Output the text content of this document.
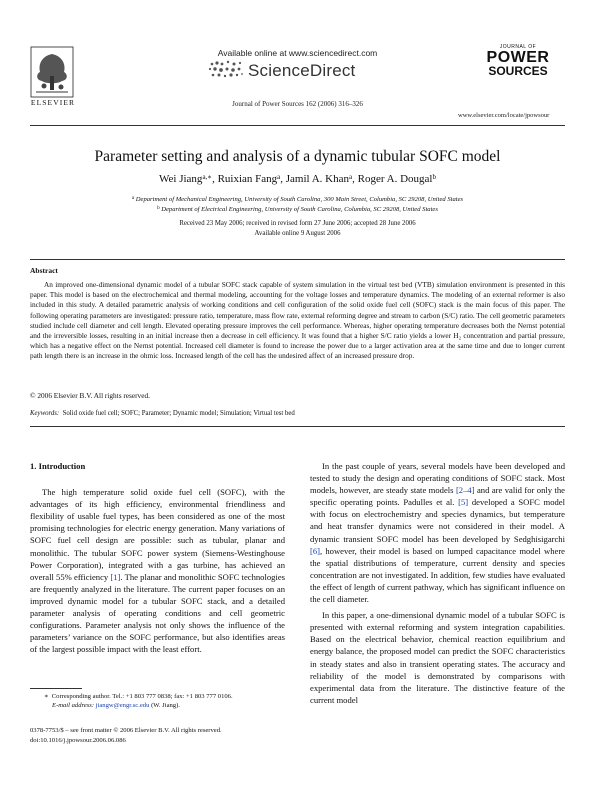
ELSEVIER
Available online at www.sciencedirect.com
ScienceDirect
Journal of Power Sources 162 (2006) 316–326
JOURNAL OF
POWER
SOURCES
www.elsevier.com/locate/jpowsour
Parameter setting and analysis of a dynamic tubular SOFC model
Wei Jiang$^{a,∗}$, Ruixian Fang$^a$, Jamil A. Khan$^a$, Roger A. Dougal$^b$
$^a$ Department of Mechanical Engineering, University of South Carolina, 300 Main Street, Columbia, SC 29208, United States
$^b$ Department of Electrical Engineering, University of South Carolina, Columbia, SC 29208, United States
Received 23 May 2006; received in revised form 27 June 2006; accepted 28 June 2006
Available online 9 August 2006
Abstract
An improved one-dimensional dynamic model of a tubular SOFC stack capable of system simulation in the virtual test bed (VTB) simulation environment is presented in this paper. This model is based on the electrochemical and thermal modeling, accounting for the voltage losses and temperature dynamics. The modeling of an external reformer is also included in this study. A detailed parametric analysis of working conditions and cell configuration of the solid oxide fuel cell (SOFC) stack is the main focus of this paper. The following operating parameters are investigated: pressure ratio, temperature, mass flow rate, external reforming degree and stream to carbon (S/C) ratio. The cell geometric parameters studied include cell diameter and cell length. Elevated operating pressure improves the cell performance. Whereas, higher operating temperature decreases both the Nernst potential and the irreversible losses, resulting in an initial increase then a decrease in cell efficiency. It was found that a higher S/C ratio yields a lower H₂ concentration and partial pressure, which has a negative effect on the Nernst potential. Increased cell diameter is found to increase the power due to a larger activation area at the same time and due to longer current path length there is an increase in the ohmic loss. Increased length of the cell has the undesired affect of an increased pressure drop.
© 2006 Elsevier B.V. All rights reserved.
Keywords: Solid oxide fuel cell; SOFC; Parameter; Dynamic model; Simulation; Virtual test bed
1. Introduction
The high temperature solid oxide fuel cell (SOFC), with the advantages of its high efficiency, environmental friendliness and flexibility of usable fuel types, has been considered as one of the most promising technologies for electric energy generation. Many variations of SOFC fuel cell design are possible: such as tubular, planar and monolithic. The tubular SOFC power system (Siemens-Westinghouse Power Corporation), integrated with a gas turbine, has achieved an overall 55% efficiency [1]. The planar and monolithic SOFC technologies are frequently analyzed in the literature. The current paper focuses on an improved dynamic model for a tubular SOFC stack, and a detailed parameter analysis of operating conditions and cell geometric configurations. Parameter analysis not only shows the influence of the parameters’ variance on the SOFC performance, but also identifies areas of the largest possible impact with the least effort.
In the past couple of years, several models have been developed and tested to study the design and operating conditions of SOFC stack. Most models, however, are steady state models [2–4] and are valid for only the specific operating points. Padulles et al. [5] developed a SOFC model with focus on electrochemistry and species dynamics, but temperature and heat transfer dynamics were not considered in their model. A dynamic transient SOFC model has been developed by Sedghisigarchi [6], however, their model is based on lumped capacitance model where the spatial distributions of temperature, current density and species concentration are not investigated. In addition, few studies have evaluated the effect of length of current pathway, which has significant influence on the cell diameter.
In this paper, a one-dimensional dynamic model of a tubular SOFC is presented with external reforming and system integration capabilities. Based on the electrical behavior, chemical reaction equilibrium and energy balance, the proposed model can predict the SOFC characteristics in steady states and also in transient operating states. The accuracy and reliability of the model is demonstrated by comparisons with experimental data from the literature. The distinctive feature of the current model
∗ Corresponding author. Tel.: +1 803 777 0838; fax: +1 803 777 0106.
E-mail address: jiangw@engr.sc.edu (W. Jiang).
0378-7753/$ – see front matter © 2006 Elsevier B.V. All rights reserved.
doi:10.1016/j.jpowsour.2006.06.086
